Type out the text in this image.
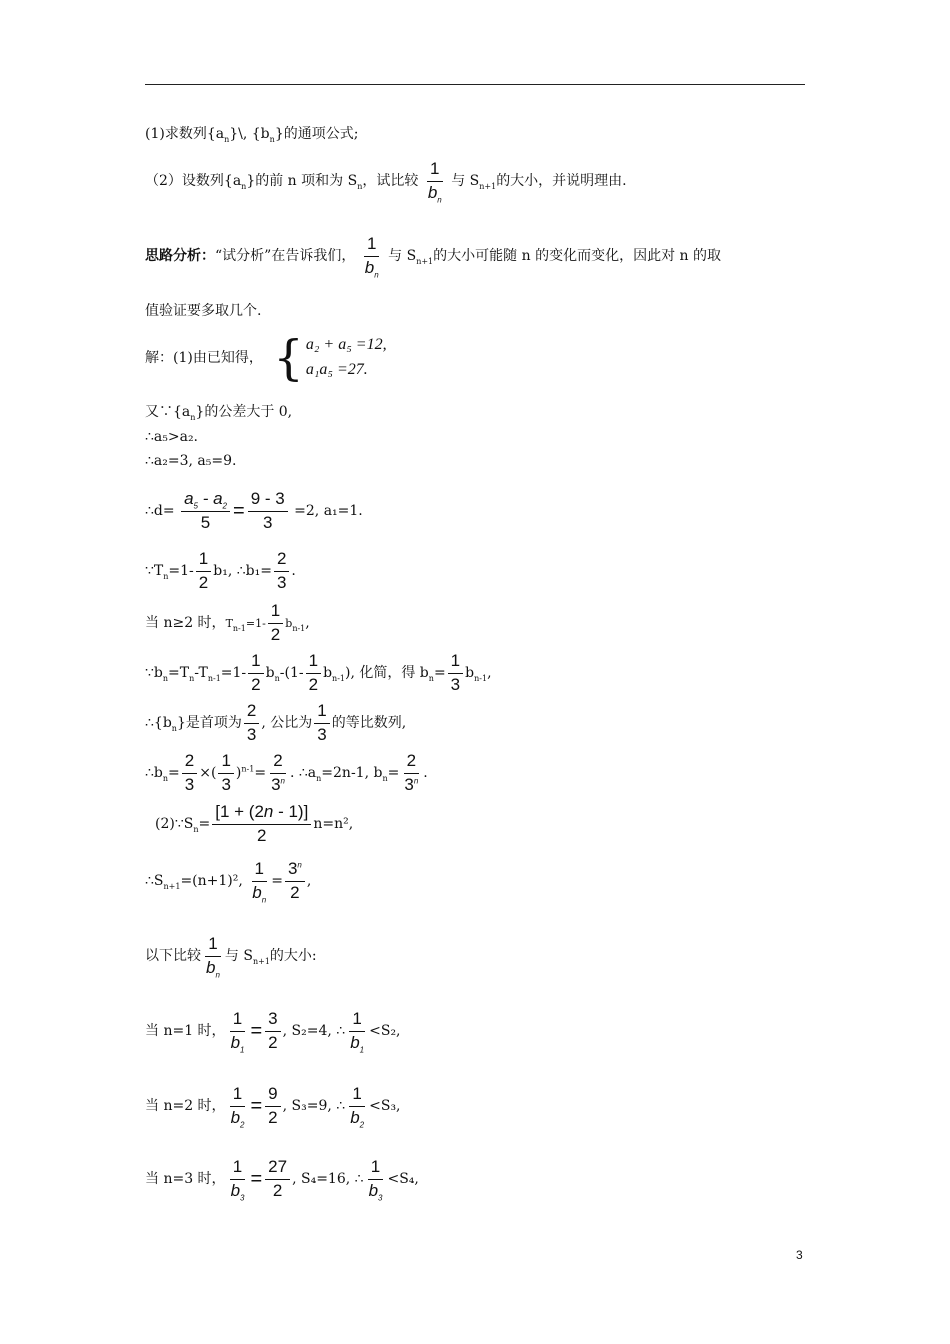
(1)求数列$\{a_n\}\backslash$, $\{b_n\}$的通项公式;
（2）设数列$\{a_n\}$的前 n 项和为 $S_n$，试比较 $\frac{1}{b_n}$ 与 $S_{n+1}$的大小，并说明理由.
思路分析：“试分析”在告诉我们， $\frac{1}{b_n}$ 与 $S_{n+1}$的大小可能随 n 的变化而变化，因此对 n 的取
值验证要多取几个.
解：(1)由已知得， { a₂ + a₅ =12,
a₁a₅ =27.
又$\because\{a_n\}$的公差大于 0,
∴a₅>a₂.
∴a₂=3, a₅=9.
∴d= $\frac{a_5 - a_2}{5} = \frac{9 - 3}{3} =2$, a₁=1.
$\because T_n=1- \frac{1}{2} b_1$, ∴b₁= $\frac{2}{3}$ .
当 n≥2 时，$T_{n-1}=1- \frac{1}{2} b_{n-1}$,
$\because b_n=T_n-T_{n-1}=1- \frac{1}{2} b_n-(1- \frac{1}{2} b_{n-1})$, 化简，得 $b_n= \frac{1}{3} b_{n-1}$,
$\therefore\{b_n\}$是首项为 $\frac{2}{3}$ , 公比为 $\frac{1}{3}$ 的等比数列,
$\therefore b_n= \frac{2}{3}$ ×( $\frac{1}{3} )^{n-1}= \frac{2}{3^n}$ . $\therefore a_n=2n-1$, $b_n= \frac{2}{3^n}$ .
$(2)\because S_n= \frac{[1 + (2n - 1)]}{2} n=n^2$,
$\therefore S_{n+1}=(n+1)^2$, $\frac{1}{b_n} = \frac{3^n}{2}$ ,
以下比较 $\frac{1}{b_n}$ 与 $S_{n+1}$的大小:
当 n=1 时， $\frac{1}{b_1} = \frac{3}{2}$ , S₂=4, ∴ $\frac{1}{b_1} <S_2$,
当 n=2 时， $\frac{1}{b_2} = \frac{9}{2}$ , S₃=9, ∴ $\frac{1}{b_2} <S_3$,
当 n=3 时， $\frac{1}{b_3} = \frac{27}{2}$ , S₄=16, ∴ $\frac{1}{b_3} <S_4$,
3
